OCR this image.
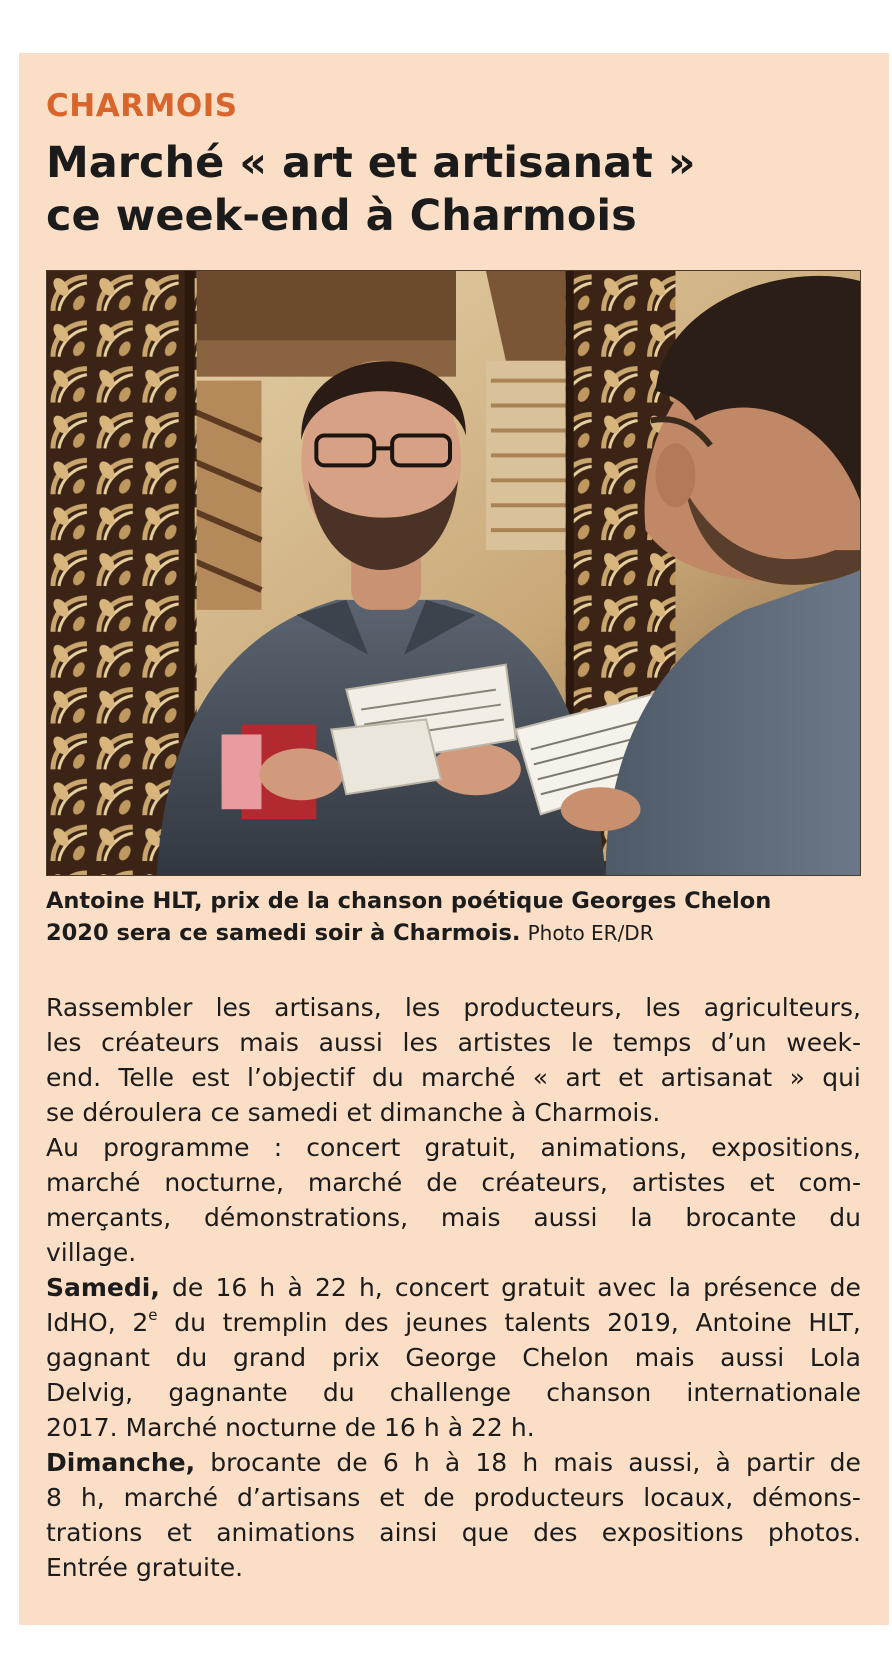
CHARMOIS
Marché « art et artisanat »
ce week-end à Charmois

Antoine HLT, prix de la chanson poétique Georges Chelon
2020 sera ce samedi soir à Charmois. Photo ER/DR

Rassembler les artisans, les producteurs, les agriculteurs,
les créateurs mais aussi les artistes le temps d’un week-
end. Telle est l’objectif du marché « art et artisanat » qui
se déroulera ce samedi et dimanche à Charmois.
Au programme : concert gratuit, animations, expositions,
marché nocturne, marché de créateurs, artistes et com-
merçants, démonstrations, mais aussi la brocante du
village.
Samedi, de 16 h à 22 h, concert gratuit avec la présence de
IdHO, 2e du tremplin des jeunes talents 2019, Antoine HLT,
gagnant du grand prix George Chelon mais aussi Lola
Delvig, gagnante du challenge chanson internationale
2017. Marché nocturne de 16 h à 22 h.
Dimanche, brocante de 6 h à 18 h mais aussi, à partir de
8 h, marché d’artisans et de producteurs locaux, démons-
trations et animations ainsi que des expositions photos.
Entrée gratuite.
